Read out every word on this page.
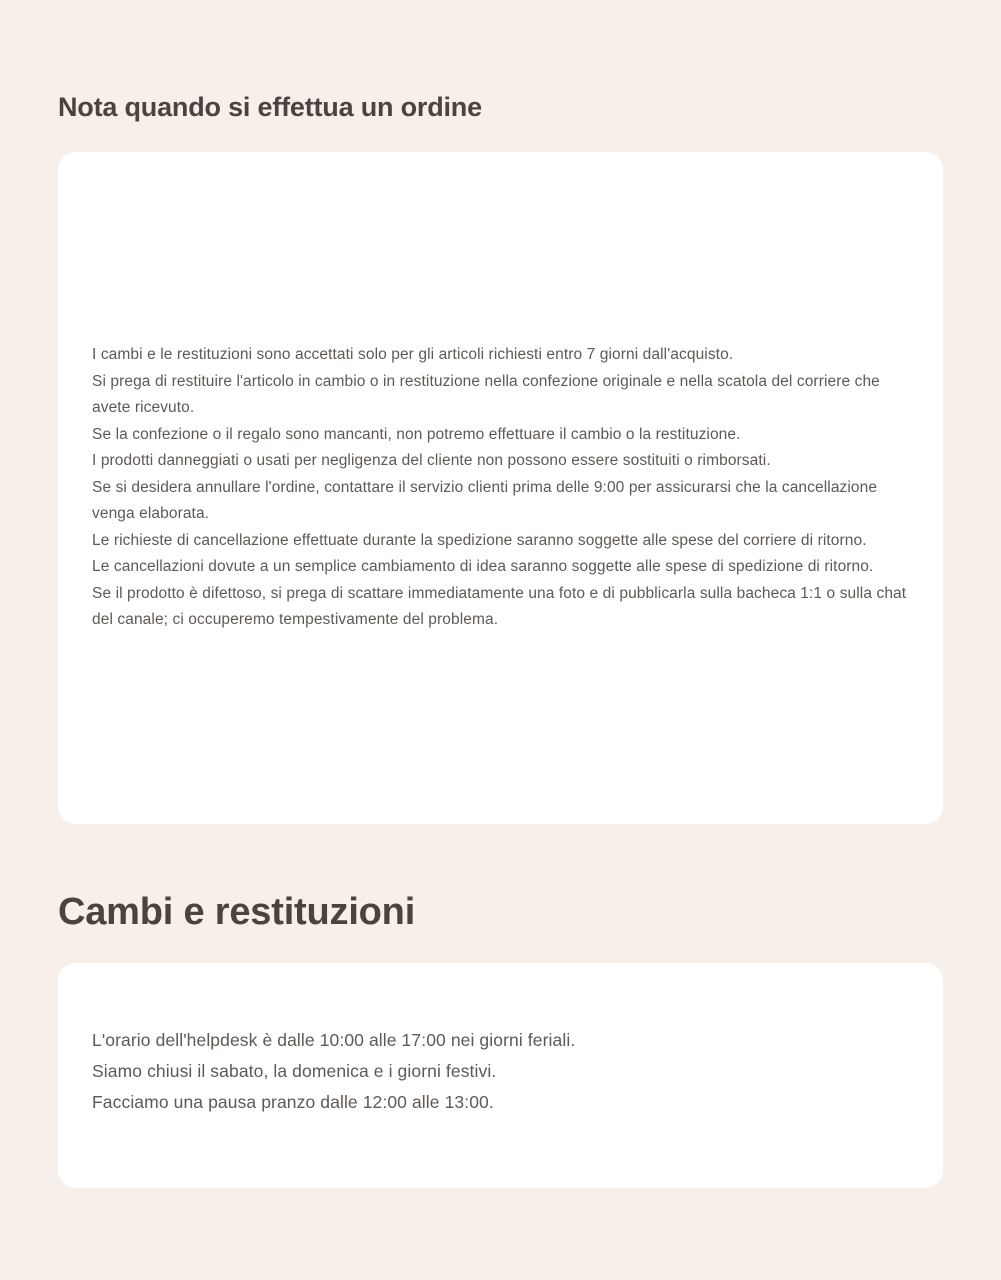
Nota quando si effettua un ordine

I cambi e le restituzioni sono accettati solo per gli articoli richiesti entro 7 giorni dall'acquisto.

Si prega di restituire l'articolo in cambio o in restituzione nella confezione originale e nella scatola del corriere che avete ricevuto.

Se la confezione o il regalo sono mancanti, non potremo effettuare il cambio o la restituzione.

I prodotti danneggiati o usati per negligenza del cliente non possono essere sostituiti o rimborsati.

Se si desidera annullare l'ordine, contattare il servizio clienti prima delle 9:00 per assicurarsi che la cancellazione venga elaborata.

Le richieste di cancellazione effettuate durante la spedizione saranno soggette alle spese del corriere di ritorno.

Le cancellazioni dovute a un semplice cambiamento di idea saranno soggette alle spese di spedizione di ritorno.

Se il prodotto è difettoso, si prega di scattare immediatamente una foto e di pubblicarla sulla bacheca 1:1 o sulla chat del canale; ci occuperemo tempestivamente del problema.

Cambi e restituzioni

L'orario dell'helpdesk è dalle 10:00 alle 17:00 nei giorni feriali.

Siamo chiusi il sabato, la domenica e i giorni festivi.

Facciamo una pausa pranzo dalle 12:00 alle 13:00.
